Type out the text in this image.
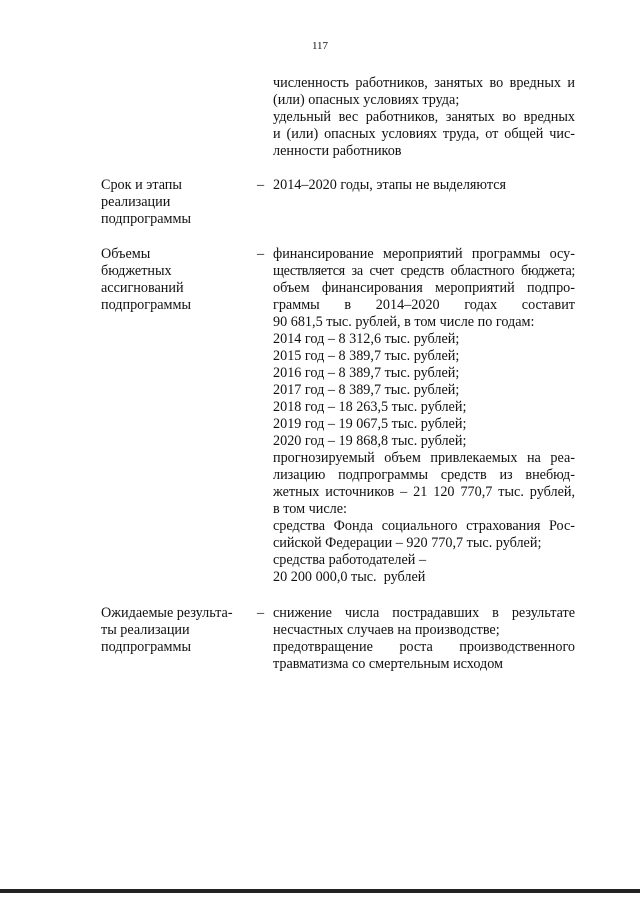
117
численность работников, занятых во вредных и
(или) опасных условиях труда;
удельный вес работников, занятых во вредных
и (или) опасных условиях труда, от общей чис-
ленности работников
Срок и этапы
реализации
подпрограммы
– 2014–2020 годы, этапы не выделяются
Объемы
бюджетных
ассигнований
подпрограммы
– финансирование мероприятий программы осу-
ществляется за счет средств областного бюджета;
объем финансирования мероприятий подпро-
граммы в 2014–2020 годах составит
90 681,5 тыс. рублей, в том числе по годам:
2014 год – 8 312,6 тыс. рублей;
2015 год – 8 389,7 тыс. рублей;
2016 год – 8 389,7 тыс. рублей;
2017 год – 8 389,7 тыс. рублей;
2018 год – 18 263,5 тыс. рублей;
2019 год – 19 067,5 тыс. рублей;
2020 год – 19 868,8 тыс. рублей;
прогнозируемый объем привлекаемых на реа-
лизацию подпрограммы средств из внебюд-
жетных источников – 21 120 770,7 тыс. рублей,
в том числе:
средства Фонда социального страхования Рос-
сийской Федерации – 920 770,7 тыс. рублей;
средства работодателей –
20 200 000,0 тыс.  рублей
Ожидаемые результа-
ты реализации
подпрограммы
– снижение числа пострадавших в результате
несчастных случаев на производстве;
предотвращение роста производственного
травматизма со смертельным исходом
